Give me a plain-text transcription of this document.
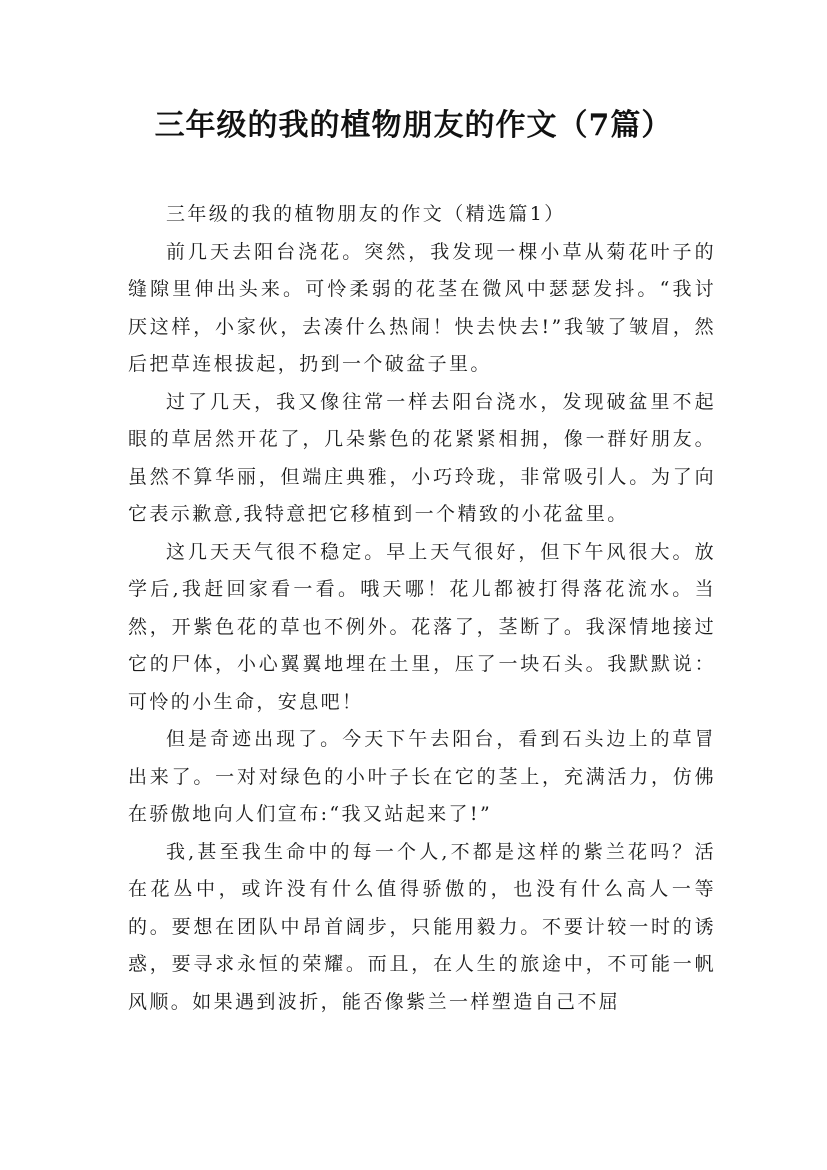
三年级的我的植物朋友的作文（7篇）

三年级的我的植物朋友的作文（精选篇1）

前几天去阳台浇花。突然，我发现一棵小草从菊花叶子的缝隙里伸出头来。可怜柔弱的花茎在微风中瑟瑟发抖。“我讨厌这样，小家伙，去凑什么热闹！快去快去!”我皱了皱眉，然后把草连根拔起，扔到一个破盆子里。

过了几天，我又像往常一样去阳台浇水，发现破盆里不起眼的草居然开花了，几朵紫色的花紧紧相拥，像一群好朋友。虽然不算华丽，但端庄典雅，小巧玲珑，非常吸引人。为了向它表示歉意,我特意把它移植到一个精致的小花盆里。

这几天天气很不稳定。早上天气很好，但下午风很大。放学后,我赶回家看一看。哦天哪！花儿都被打得落花流水。当然，开紫色花的草也不例外。花落了，茎断了。我深情地接过它的尸体，小心翼翼地埋在土里，压了一块石头。我默默说：可怜的小生命，安息吧！

但是奇迹出现了。今天下午去阳台，看到石头边上的草冒出来了。一对对绿色的小叶子长在它的茎上，充满活力，仿佛在骄傲地向人们宣布:“我又站起来了!”

我,甚至我生命中的每一个人,不都是这样的紫兰花吗？活在花丛中，或许没有什么值得骄傲的，也没有什么高人一等的。要想在团队中昂首阔步，只能用毅力。不要计较一时的诱惑，要寻求永恒的荣耀。而且，在人生的旅途中，不可能一帆风顺。如果遇到波折，能否像紫兰一样塑造自己不屈
